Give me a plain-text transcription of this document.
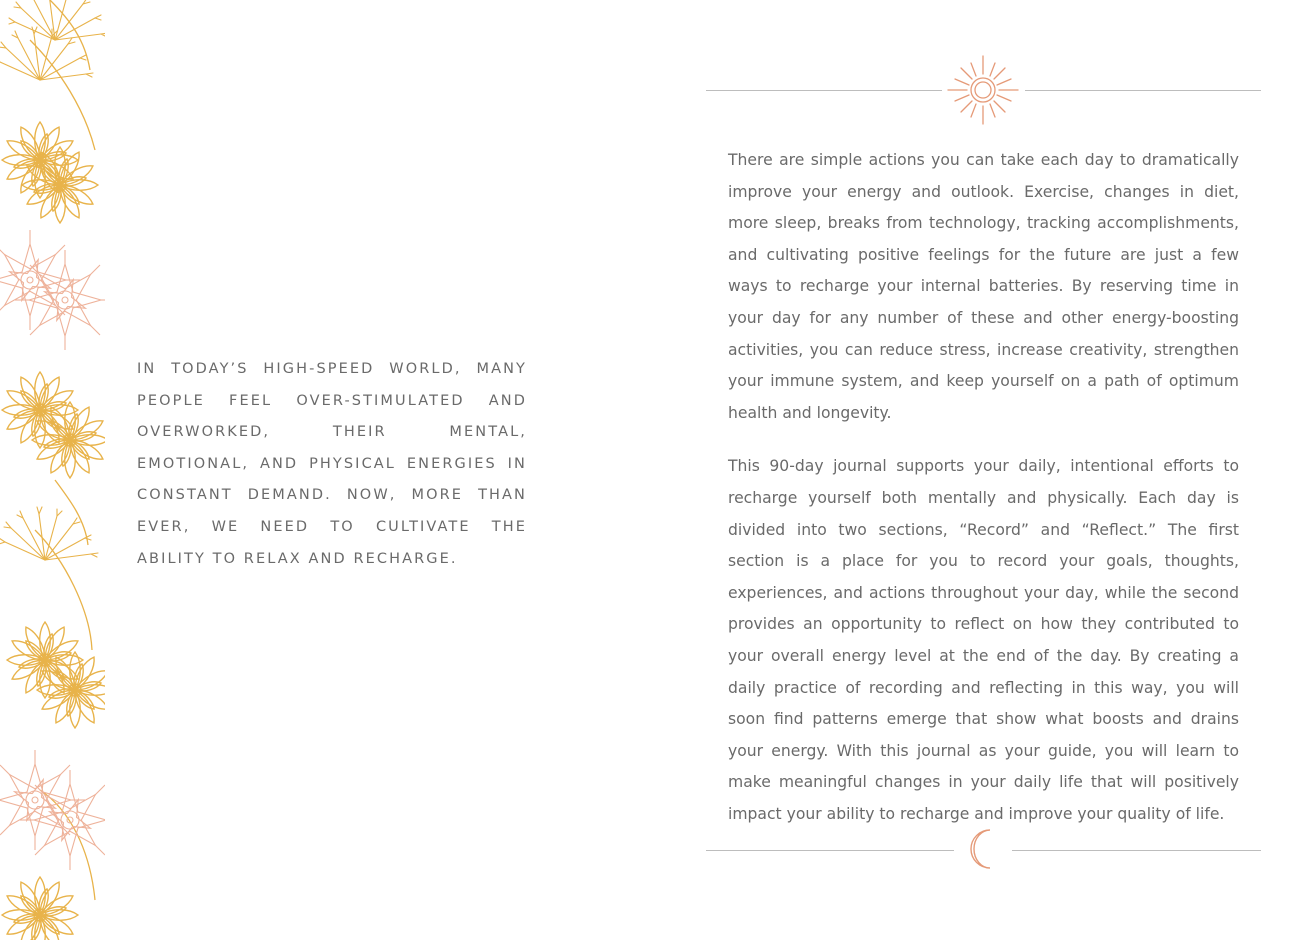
IN TODAY’S HIGH-SPEED WORLD, MANY PEOPLE FEEL OVER-STIMULATED AND OVERWORKED, THEIR MENTAL, EMOTIONAL, AND PHYSICAL ENERGIES IN CONSTANT DEMAND. NOW, MORE THAN EVER, WE NEED TO CULTIVATE THE ABILITY TO RELAX AND RECHARGE.

There are simple actions you can take each day to dramatically improve your energy and outlook. Exercise, changes in diet, more sleep, breaks from technology, tracking accomplishments, and cultivating positive feelings for the future are just a few ways to recharge your internal batteries. By reserving time in your day for any number of these and other energy-boosting activities, you can reduce stress, increase creativity, strengthen your immune system, and keep yourself on a path of optimum health and longevity.

This 90-day journal supports your daily, intentional efforts to recharge yourself both mentally and physically. Each day is divided into two sections, “Record” and “Reflect.” The first section is a place for you to record your goals, thoughts, experiences, and actions throughout your day, while the second provides an opportunity to reflect on how they contributed to your overall energy level at the end of the day. By creating a daily practice of recording and reflecting in this way, you will soon find patterns emerge that show what boosts and drains your energy. With this journal as your guide, you will learn to make meaningful changes in your daily life that will positively impact your ability to recharge and improve your quality of life.
